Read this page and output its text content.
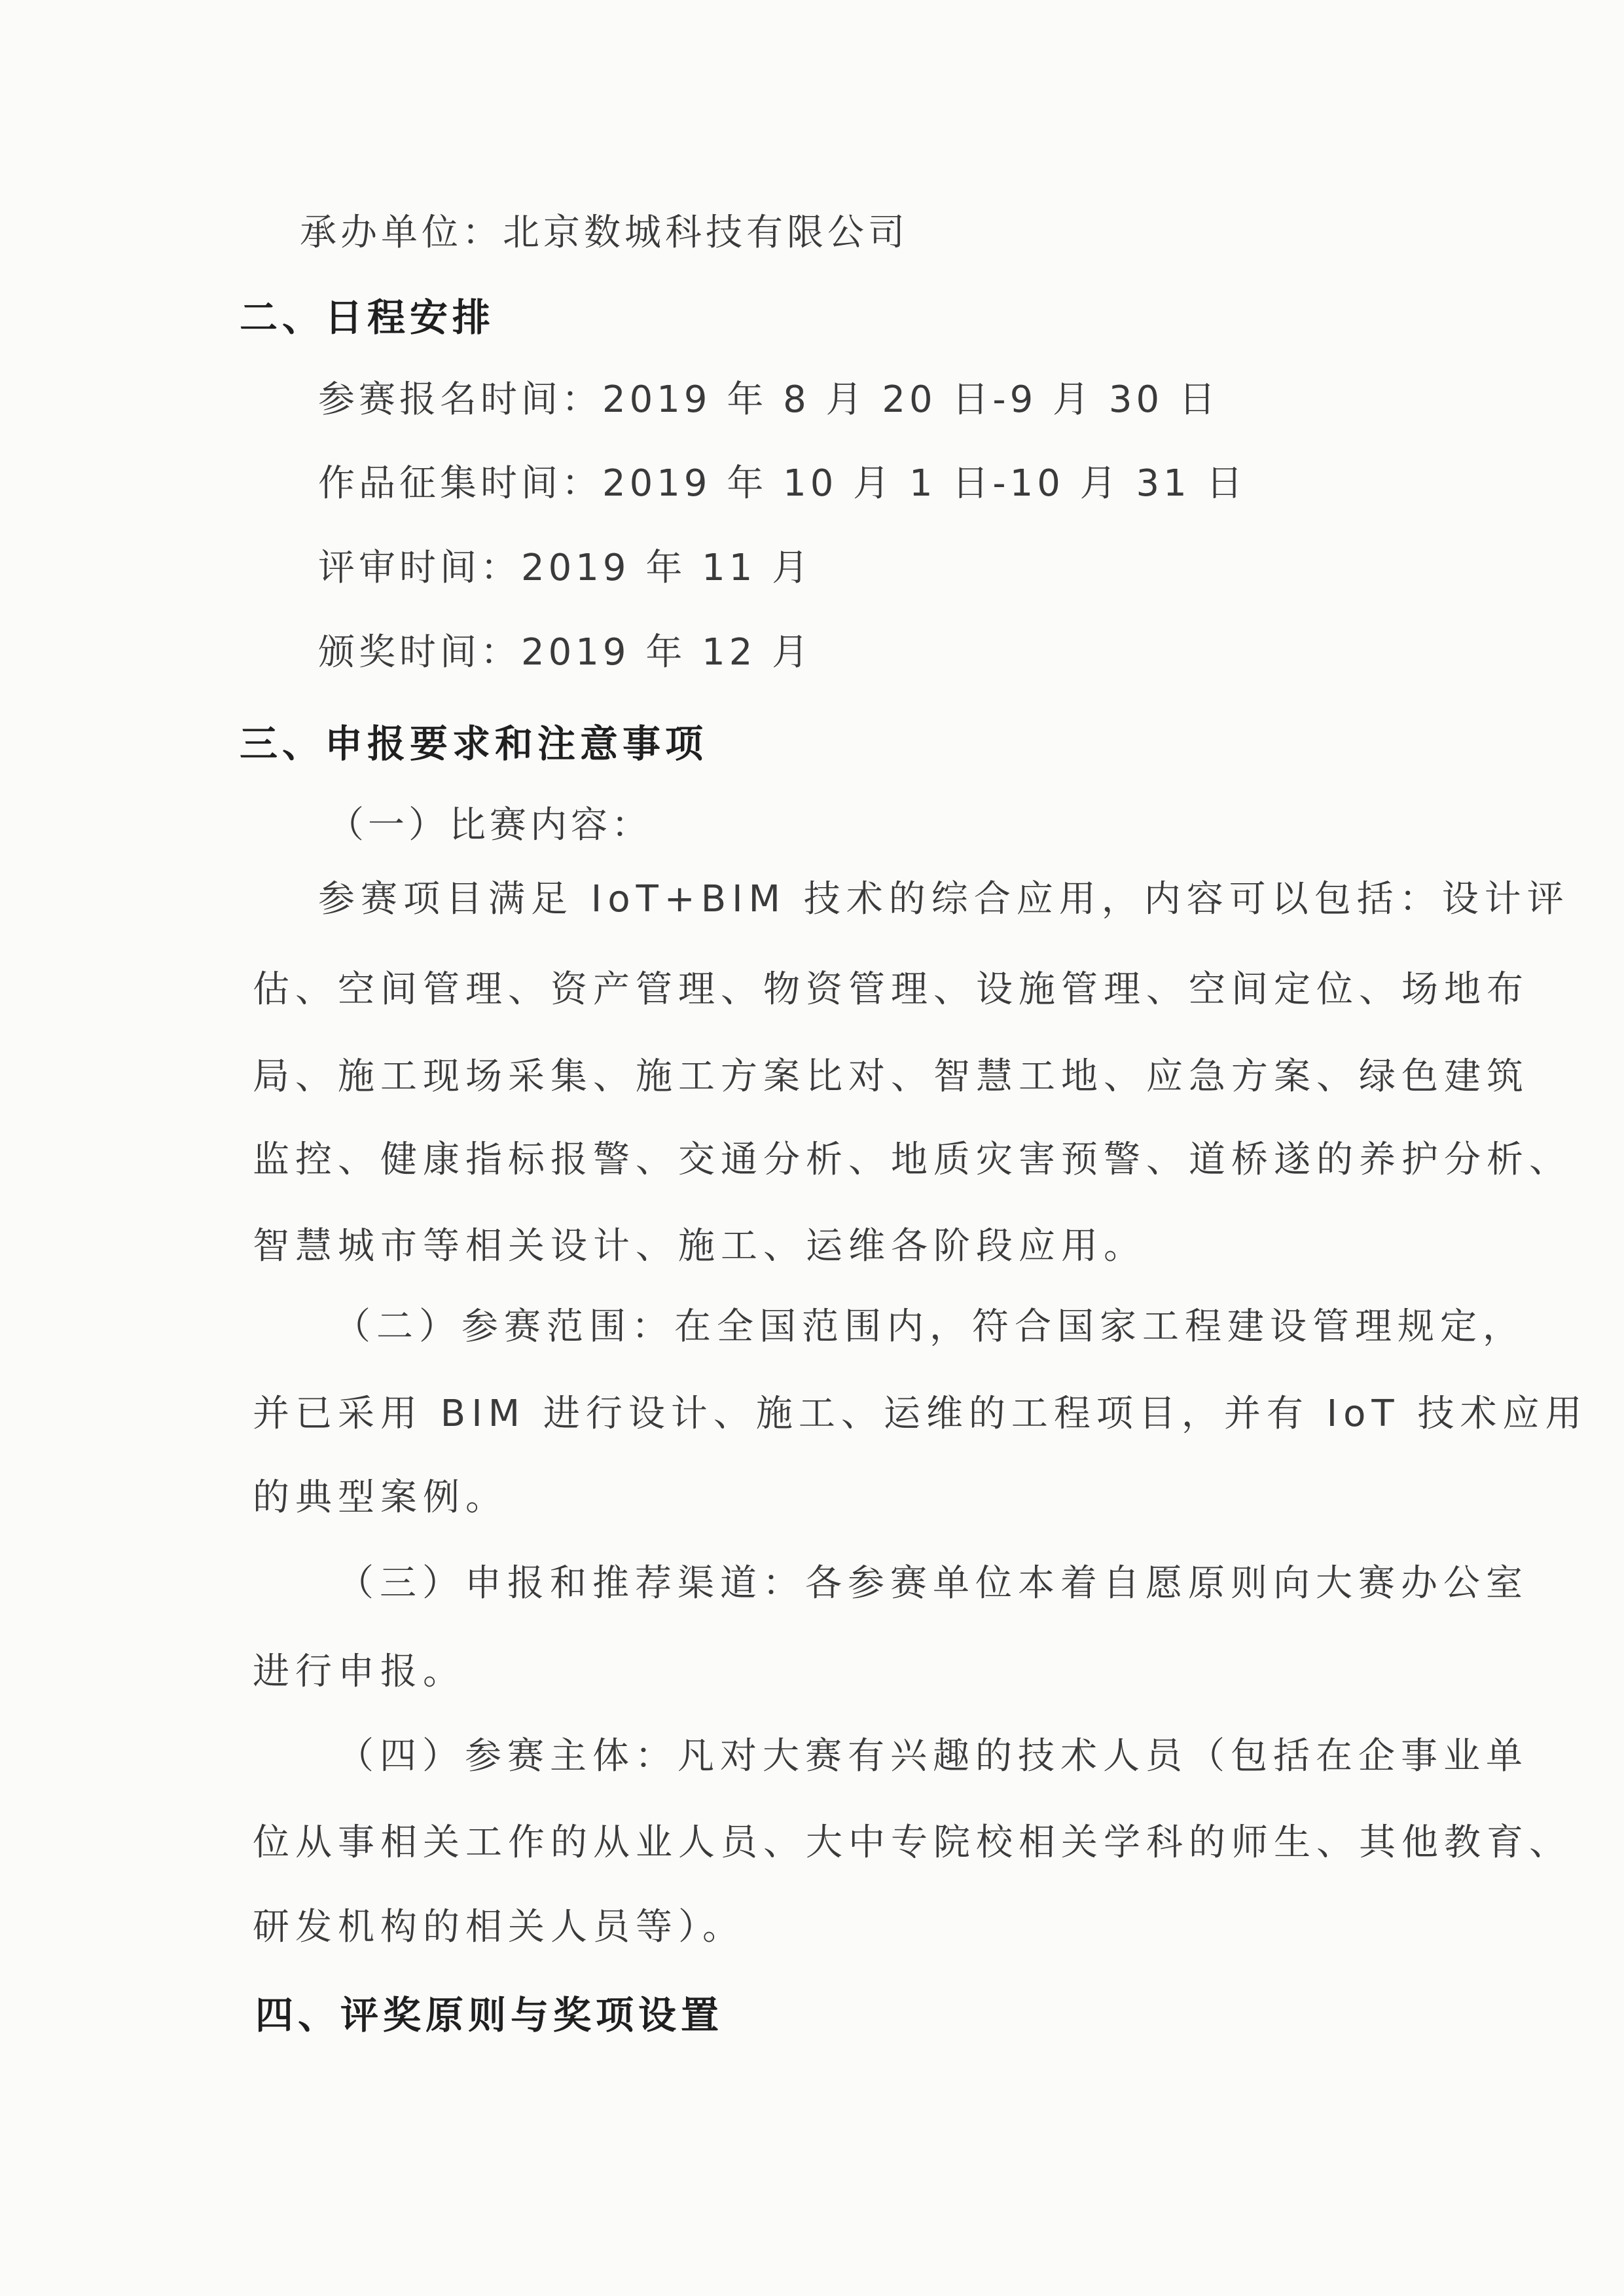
承办单位：北京数城科技有限公司
二、日程安排
参赛报名时间：2019 年 8 月 20 日-9 月 30 日
作品征集时间：2019 年 10 月 1 日-10 月 31 日
评审时间：2019 年 11 月
颁奖时间：2019 年 12 月
三、申报要求和注意事项
（一）比赛内容：
参赛项目满足 IoT+BIM 技术的综合应用，内容可以包括：设计评
估、空间管理、资产管理、物资管理、设施管理、空间定位、场地布
局、施工现场采集、施工方案比对、智慧工地、应急方案、绿色建筑
监控、健康指标报警、交通分析、地质灾害预警、道桥遂的养护分析、
智慧城市等相关设计、施工、运维各阶段应用。
（二）参赛范围：在全国范围内，符合国家工程建设管理规定，
并已采用 BIM 进行设计、施工、运维的工程项目，并有 IoT 技术应用
的典型案例。
（三）申报和推荐渠道：各参赛单位本着自愿原则向大赛办公室
进行申报。
（四）参赛主体：凡对大赛有兴趣的技术人员（包括在企事业单
位从事相关工作的从业人员、大中专院校相关学科的师生、其他教育、
研发机构的相关人员等）。
四、评奖原则与奖项设置
